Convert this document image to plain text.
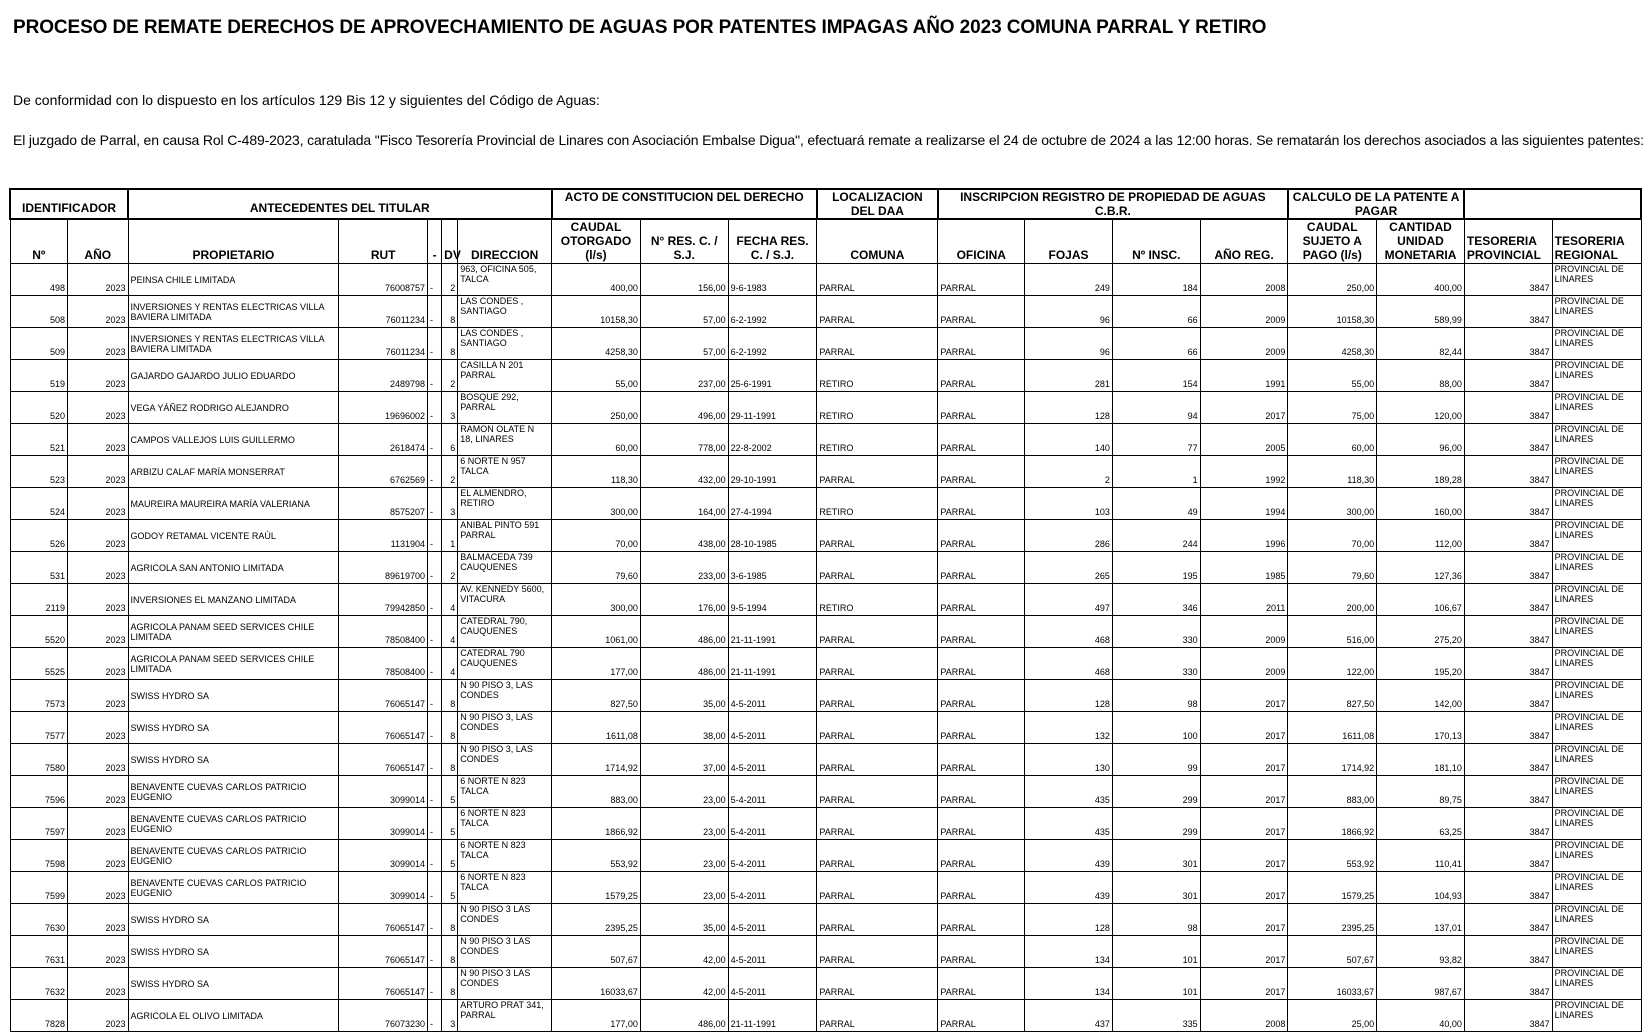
PROCESO DE REMATE DERECHOS DE APROVECHAMIENTO DE AGUAS POR PATENTES IMPAGAS AÑO 2023 COMUNA PARRAL Y RETIRO
De conformidad con lo dispuesto en los artículos 129 Bis 12 y siguientes del Código de Aguas:
El juzgado de Parral, en causa Rol C-489-2023, caratulada "Fisco Tesorería Provincial de Linares con Asociación Embalse Digua", efectuará remate a realizarse el 24 de octubre de 2024 a las 12:00 horas. Se rematarán los derechos asociados a las siguientes patentes:
IDENTIFICADOR		ANTECEDENTES DEL TITULAR					ACTO DE CONSTITUCION DEL DERECHO			LOCALIZACION DEL DAA	INSCRIPCION REGISTRO DE PROPIEDAD DE AGUAS C.B.R.				CALCULO DE LA PATENTE A PAGAR			
Nº	AÑO	PROPIETARIO	RUT	-	DV	DIRECCION	CAUDAL OTORGADO (l/s)	N° RES. C. / S.J.	FECHA RES. C. / S.J.	COMUNA	OFICINA	FOJAS	Nº INSC.	AÑO REG.	CAUDAL SUJETO A PAGO (l/s)	CANTIDAD UNIDAD MONETARIA	TESORERIA PROVINCIAL	TESORERIA REGIONAL
498	2023	PEINSA CHILE LIMITADA	76008757	-	2	963, OFICINA 505, TALCA	400,00	156,00	9-6-1983	PARRAL	PARRAL	249	184	2008	250,00	400,00	3847	PROVINCIAL DE LINARES
508	2023	INVERSIONES Y RENTAS ELECTRICAS VILLA BAVIERA LIMITADA	76011234	-	8	LAS CONDES , SANTIAGO	10158,30	57,00	6-2-1992	PARRAL	PARRAL	96	66	2009	10158,30	589,99	3847	PROVINCIAL DE LINARES
509	2023	INVERSIONES Y RENTAS ELECTRICAS VILLA BAVIERA LIMITADA	76011234	-	8	LAS CONDES , SANTIAGO	4258,30	57,00	6-2-1992	PARRAL	PARRAL	96	66	2009	4258,30	82,44	3847	PROVINCIAL DE LINARES
519	2023	GAJARDO GAJARDO JULIO EDUARDO	2489798	-	2	CASILLA N 201 PARRAL	55,00	237,00	25-6-1991	RETIRO	PARRAL	281	154	1991	55,00	88,00	3847	PROVINCIAL DE LINARES
520	2023	VEGA YÁÑEZ RODRIGO ALEJANDRO	19696002	-	3	BOSQUE 292, PARRAL	250,00	496,00	29-11-1991	RETIRO	PARRAL	128	94	2017	75,00	120,00	3847	PROVINCIAL DE LINARES
521	2023	CAMPOS VALLEJOS LUIS GUILLERMO	2618474	-	6	RAMON OLATE N 18, LINARES	60,00	778,00	22-8-2002	RETIRO	PARRAL	140	77	2005	60,00	96,00	3847	PROVINCIAL DE LINARES
523	2023	ARBIZU CALAF MARÍA MONSERRAT	6762569	-	2	6 NORTE N 957 TALCA	118,30	432,00	29-10-1991	PARRAL	PARRAL	2	1	1992	118,30	189,28	3847	PROVINCIAL DE LINARES
524	2023	MAUREIRA MAUREIRA MARÍA VALERIANA	8575207	-	3	EL ALMENDRO, RETIRO	300,00	164,00	27-4-1994	RETIRO	PARRAL	103	49	1994	300,00	160,00	3847	PROVINCIAL DE LINARES
526	2023	GODOY RETAMAL VICENTE RAÚL	1131904	-	1	ANIBAL PINTO 591 PARRAL	70,00	438,00	28-10-1985	PARRAL	PARRAL	286	244	1996	70,00	112,00	3847	PROVINCIAL DE LINARES
531	2023	AGRICOLA SAN ANTONIO LIMITADA	89619700	-	2	BALMACEDA 739 CAUQUENES	79,60	233,00	3-6-1985	PARRAL	PARRAL	265	195	1985	79,60	127,36	3847	PROVINCIAL DE LINARES
2119	2023	INVERSIONES EL MANZANO LIMITADA	79942850	-	4	AV. KENNEDY 5600, VITACURA	300,00	176,00	9-5-1994	RETIRO	PARRAL	497	346	2011	200,00	106,67	3847	PROVINCIAL DE LINARES
5520	2023	AGRICOLA PANAM SEED SERVICES CHILE LIMITADA	78508400	-	4	CATEDRAL 790, CAUQUENES	1061,00	486,00	21-11-1991	PARRAL	PARRAL	468	330	2009	516,00	275,20	3847	PROVINCIAL DE LINARES
5525	2023	AGRICOLA PANAM SEED SERVICES CHILE LIMITADA	78508400	-	4	CATEDRAL 790 CAUQUENES	177,00	486,00	21-11-1991	PARRAL	PARRAL	468	330	2009	122,00	195,20	3847	PROVINCIAL DE LINARES
7573	2023	SWISS HYDRO SA	76065147	-	8	N 90 PISO 3, LAS CONDES	827,50	35,00	4-5-2011	PARRAL	PARRAL	128	98	2017	827,50	142,00	3847	PROVINCIAL DE LINARES
7577	2023	SWISS HYDRO SA	76065147	-	8	N 90 PISO 3, LAS CONDES	1611,08	38,00	4-5-2011	PARRAL	PARRAL	132	100	2017	1611,08	170,13	3847	PROVINCIAL DE LINARES
7580	2023	SWISS HYDRO SA	76065147	-	8	N 90 PISO 3, LAS CONDES	1714,92	37,00	4-5-2011	PARRAL	PARRAL	130	99	2017	1714,92	181,10	3847	PROVINCIAL DE LINARES
7596	2023	BENAVENTE CUEVAS CARLOS PATRICIO EUGENIO	3099014	-	5	6 NORTE N 823 TALCA	883,00	23,00	5-4-2011	PARRAL	PARRAL	435	299	2017	883,00	89,75	3847	PROVINCIAL DE LINARES
7597	2023	BENAVENTE CUEVAS CARLOS PATRICIO EUGENIO	3099014	-	5	6 NORTE N 823 TALCA	1866,92	23,00	5-4-2011	PARRAL	PARRAL	435	299	2017	1866,92	63,25	3847	PROVINCIAL DE LINARES
7598	2023	BENAVENTE CUEVAS CARLOS PATRICIO EUGENIO	3099014	-	5	6 NORTE N 823 TALCA	553,92	23,00	5-4-2011	PARRAL	PARRAL	439	301	2017	553,92	110,41	3847	PROVINCIAL DE LINARES
7599	2023	BENAVENTE CUEVAS CARLOS PATRICIO EUGENIO	3099014	-	5	6 NORTE N 823 TALCA	1579,25	23,00	5-4-2011	PARRAL	PARRAL	439	301	2017	1579,25	104,93	3847	PROVINCIAL DE LINARES
7630	2023	SWISS HYDRO SA	76065147	-	8	N 90 PISO 3 LAS CONDES	2395,25	35,00	4-5-2011	PARRAL	PARRAL	128	98	2017	2395,25	137,01	3847	PROVINCIAL DE LINARES
7631	2023	SWISS HYDRO SA	76065147	-	8	N 90 PISO 3 LAS CONDES	507,67	42,00	4-5-2011	PARRAL	PARRAL	134	101	2017	507,67	93,82	3847	PROVINCIAL DE LINARES
7632	2023	SWISS HYDRO SA	76065147	-	8	N 90 PISO 3 LAS CONDES	16033,67	42,00	4-5-2011	PARRAL	PARRAL	134	101	2017	16033,67	987,67	3847	PROVINCIAL DE LINARES
7828	2023	AGRICOLA EL OLIVO LIMITADA	76073230	-	3	ARTURO PRAT 341, PARRAL	177,00	486,00	21-11-1991	PARRAL	PARRAL	437	335	2008	25,00	40,00	3847	PROVINCIAL DE LINARES
